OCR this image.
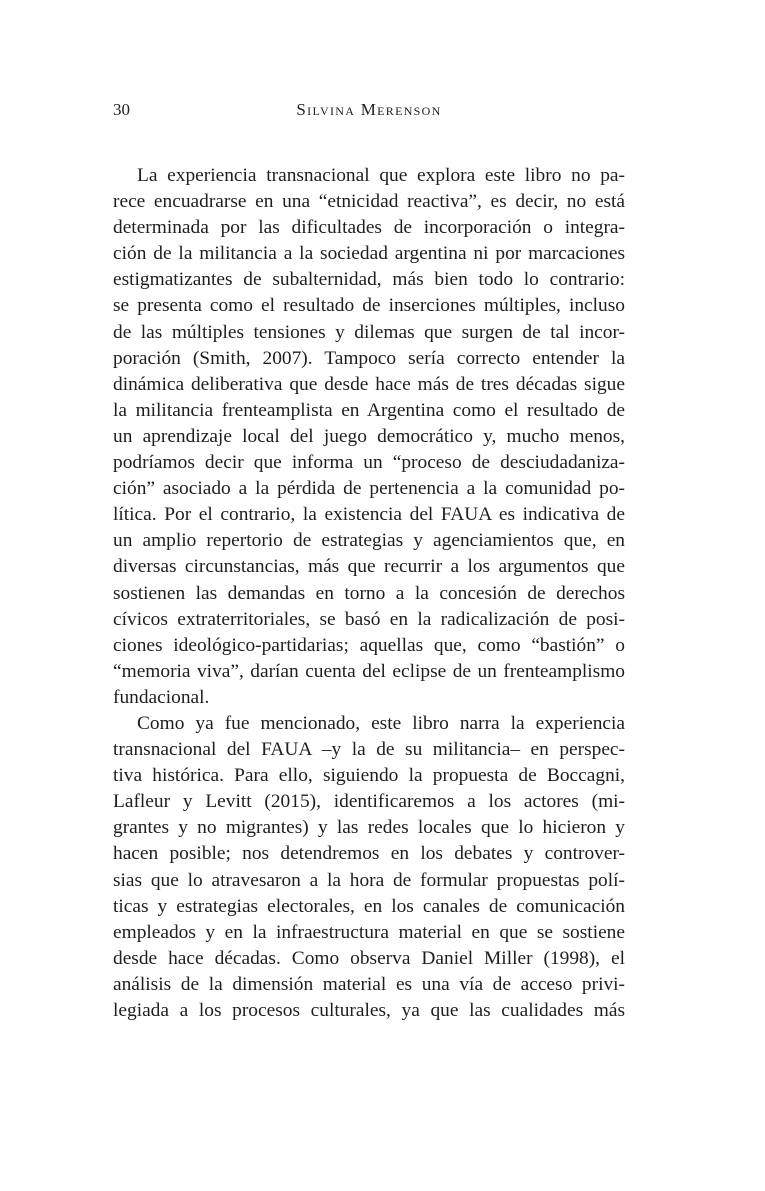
30	Silvina Merenson
La experiencia transnacional que explora este libro no pa-
rece encuadrarse en una “etnicidad reactiva”, es decir, no está
determinada por las dificultades de incorporación o integra-
ción de la militancia a la sociedad argentina ni por marcaciones
estigmatizantes de subalternidad, más bien todo lo contrario:
se presenta como el resultado de inserciones múltiples, incluso
de las múltiples tensiones y dilemas que surgen de tal incor-
poración (Smith, 2007). Tampoco sería correcto entender la
dinámica deliberativa que desde hace más de tres décadas sigue
la militancia frenteamplista en Argentina como el resultado de
un aprendizaje local del juego democrático y, mucho menos,
podríamos decir que informa un “proceso de desciudadaniza-
ción” asociado a la pérdida de pertenencia a la comunidad po-
lítica. Por el contrario, la existencia del FAUA es indicativa de
un amplio repertorio de estrategias y agenciamientos que, en
diversas circunstancias, más que recurrir a los argumentos que
sostienen las demandas en torno a la concesión de derechos
cívicos extraterritoriales, se basó en la radicalización de posi-
ciones ideológico-partidarias; aquellas que, como “bastión” o
“memoria viva”, darían cuenta del eclipse de un frenteamplismo
fundacional.
Como ya fue mencionado, este libro narra la experiencia
transnacional del FAUA –y la de su militancia– en perspec-
tiva histórica. Para ello, siguiendo la propuesta de Boccagni,
Lafleur y Levitt (2015), identificaremos a los actores (mi-
grantes y no migrantes) y las redes locales que lo hicieron y
hacen posible; nos detendremos en los debates y controver-
sias que lo atravesaron a la hora de formular propuestas polí-
ticas y estrategias electorales, en los canales de comunicación
empleados y en la infraestructura material en que se sostiene
desde hace décadas. Como observa Daniel Miller (1998), el
análisis de la dimensión material es una vía de acceso privi-
legiada a los procesos culturales, ya que las cualidades más
